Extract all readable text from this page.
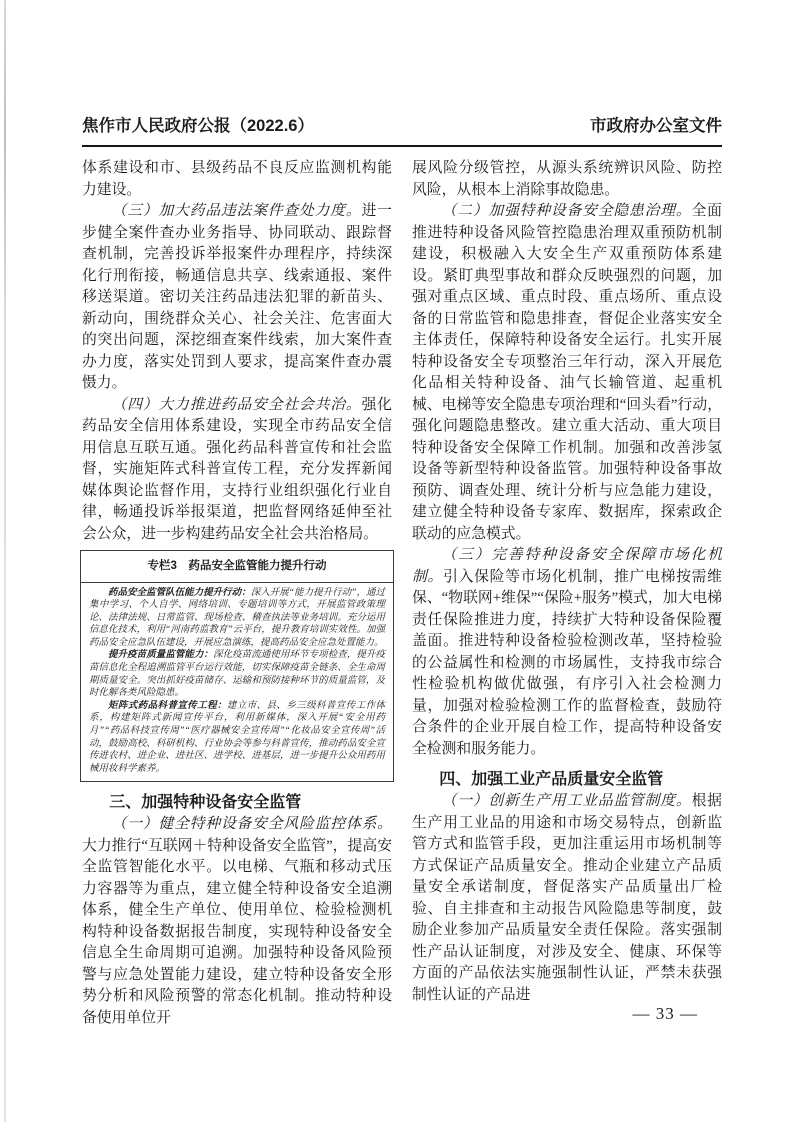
焦作市人民政府公报（2022.6）	市政府办公室文件

体系建设和市、县级药品不良反应监测机构能力建设。

（三）加大药品违法案件查处力度。进一步健全案件查办业务指导、协同联动、跟踪督查机制，完善投诉举报案件办理程序，持续深化行刑衔接，畅通信息共享、线索通报、案件移送渠道。密切关注药品违法犯罪的新苗头、新动向，围绕群众关心、社会关注、危害面大的突出问题，深挖细查案件线索，加大案件查办力度，落实处罚到人要求，提高案件查办震慑力。

（四）大力推进药品安全社会共治。强化药品安全信用体系建设，实现全市药品安全信用信息互联互通。强化药品科普宣传和社会监督，实施矩阵式科普宣传工程，充分发挥新闻媒体舆论监督作用，支持行业组织强化行业自律，畅通投诉举报渠道，把监督网络延伸至社会公众，进一步构建药品安全社会共治格局。

专栏3　药品安全监管能力提升行动

药品安全监管队伍能力提升行动：深入开展“能力提升行动”，通过集中学习、个人自学、网络培训、专题培训等方式，开展监管政策理论、法律法规、日常监管、现场检查、稽查执法等业务培训。充分运用信息化技术，利用“河南药监教育”云平台，提升教育培训实效性。加强药品安全应急队伍建设，开展应急演练，提高药品安全应急处置能力。

提升疫苗质量监管能力：深化疫苗流通使用环节专项检查，提升疫苗信息化全程追溯监管平台运行效能，切实保障疫苗全链条、全生命周期质量安全。突出抓好疫苗储存、运输和预防接种环节的质量监管，及时化解各类风险隐患。

矩阵式药品科普宣传工程：建立市、县、乡三级科普宣传工作体系，构建矩阵式新闻宣传平台，利用新媒体，深入开展“安全用药月”“药品科技宣传周”“医疗器械安全宣传周”“化妆品安全宣传周”活动，鼓励高校、科研机构、行业协会等参与科普宣传，推动药品安全宣传进农村、进企业、进社区、进学校、进基层，进一步提升公众用药用械用妆科学素养。

三、加强特种设备安全监管

（一）健全特种设备安全风险监控体系。大力推行“互联网＋特种设备安全监管”，提高安全监管智能化水平。以电梯、气瓶和移动式压力容器等为重点，建立健全特种设备安全追溯体系，健全生产单位、使用单位、检验检测机构特种设备数据报告制度，实现特种设备安全信息全生命周期可追溯。加强特种设备风险预警与应急处置能力建设，建立特种设备安全形势分析和风险预警的常态化机制。推动特种设备使用单位开

展风险分级管控，从源头系统辨识风险、防控风险，从根本上消除事故隐患。

（二）加强特种设备安全隐患治理。全面推进特种设备风险管控隐患治理双重预防机制建设，积极融入大安全生产双重预防体系建设。紧盯典型事故和群众反映强烈的问题，加强对重点区域、重点时段、重点场所、重点设备的日常监管和隐患排查，督促企业落实安全主体责任，保障特种设备安全运行。扎实开展特种设备安全专项整治三年行动，深入开展危化品相关特种设备、油气长输管道、起重机械、电梯等安全隐患专项治理和“回头看”行动，强化问题隐患整改。建立重大活动、重大项目特种设备安全保障工作机制。加强和改善涉氢设备等新型特种设备监管。加强特种设备事故预防、调查处理、统计分析与应急能力建设，建立健全特种设备专家库、数据库，探索政企联动的应急模式。

（三）完善特种设备安全保障市场化机制。引入保险等市场化机制，推广电梯按需维保、“物联网+维保”“保险+服务”模式，加大电梯责任保险推进力度，持续扩大特种设备保险覆盖面。推进特种设备检验检测改革，坚持检验的公益属性和检测的市场属性，支持我市综合性检验机构做优做强，有序引入社会检测力量，加强对检验检测工作的监督检查，鼓励符合条件的企业开展自检工作，提高特种设备安全检测和服务能力。

四、加强工业产品质量安全监管

（一）创新生产用工业品监管制度。根据生产用工业品的用途和市场交易特点，创新监管方式和监管手段，更加注重运用市场机制等方式保证产品质量安全。推动企业建立产品质量安全承诺制度，督促落实产品质量出厂检验、自主排查和主动报告风险隐患等制度，鼓励企业参加产品质量安全责任保险。落实强制性产品认证制度，对涉及安全、健康、环保等方面的产品依法实施强制性认证，严禁未获强制性认证的产品进

— 33 —
